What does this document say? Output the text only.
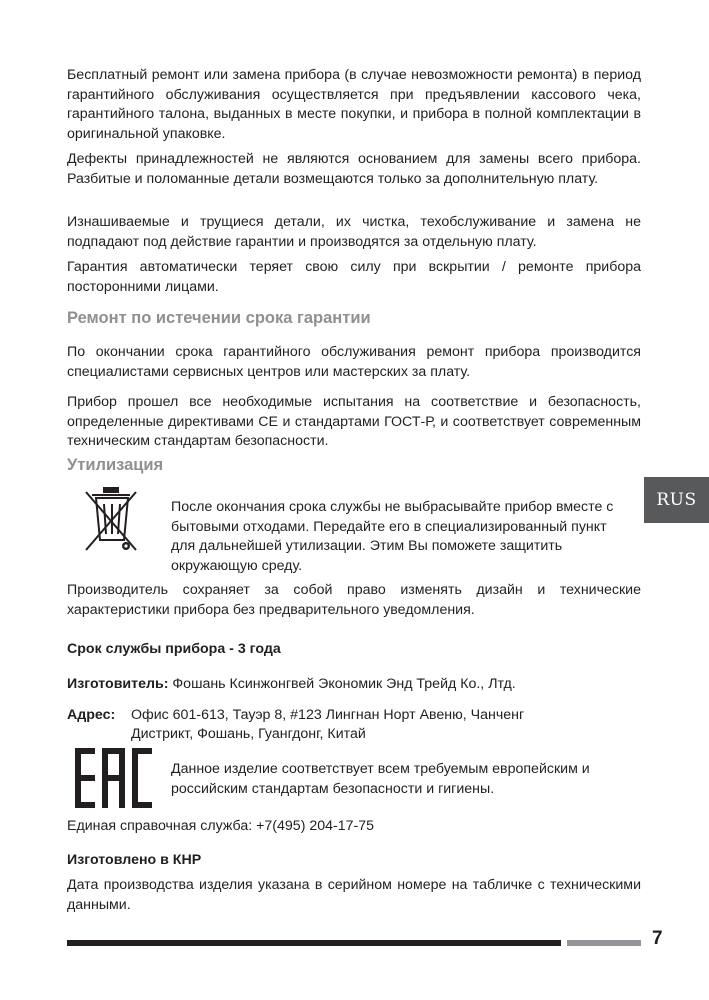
Бесплатный ремонт или замена прибора (в случае невозможности ремонта) в период гарантийного обслуживания осуществляется при предъявлении кассового чека, гарантийного талона, выданных в месте покупки, и прибора в полной комплектации в оригинальной упаковке.

Дефекты принадлежностей не являются основанием для замены всего прибора. Разбитые и поломанные детали возмещаются только за дополнительную плату.

Изнашиваемые и трущиеся детали, их чистка, техобслуживание и замена не подпадают под действие гарантии и производятся за отдельную плату.

Гарантия автоматически теряет свою силу при вскрытии / ремонте прибора посторонними лицами.

Ремонт по истечении срока гарантии

По окончании срока гарантийного обслуживания ремонт прибора производится специалистами сервисных центров или мастерских за плату.

Прибор прошел все необходимые испытания на соответствие и безопасность, определенные директивами CE и стандартами ГОСТ-Р, и соответствует современным техническим стандартам безопасности.

Утилизация

После окончания срока службы не выбрасывайте прибор вместе с бытовыми отходами. Передайте его в специализированный пункт для дальнейшей утилизации. Этим Вы поможете защитить окружающую среду.

Производитель сохраняет за собой право изменять дизайн и технические характеристики прибора без предварительного уведомления.

Срок службы прибора - 3 года

Изготовитель: Фошань Ксинжонгвей Экономик Энд Трейд Ко., Лтд.

Адрес: Офис 601-613, Тауэр 8, #123 Лингнан Норт Авеню, Чанченг
Дистрикт, Фошань, Гуангдонг, Китай

Данное изделие соответствует всем требуемым европейским и российским стандартам безопасности и гигиены.

Единая справочная служба: +7(495) 204-17-75

Изготовлено в КНР

Дата производства изделия указана в серийном номере на табличке с техническими данными.

RUS
7
